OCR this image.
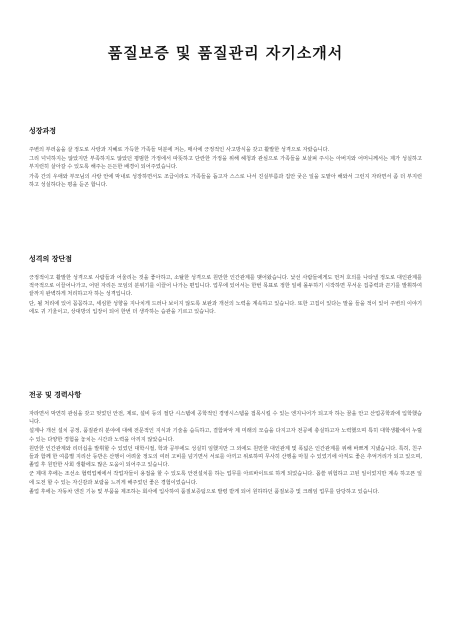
품질보증 및 품질관리 자기소개서
성장과정

주변의 부러움을 살 정도로 사랑과 지혜로 가득한 가족들 덕분에 저는, 매사에 긍정적인 사고방식을 갖고 활발한 성격으로 자랐습니다.

그리 넉넉하지는 않았지만 부족하지도 않았던 평범한 가정에서 따뜻하고 단란한 가정을 위해 헤청과 관심으로 가족들을 보살펴 주시는 아버지와 어머니께서는 제가 성실하고 부지런히 살아갈 수 있도록 해주는 든든한 배경이 되어주었습니다.

가족 간의 우애와 부모님의 사랑 안에 막내로 성장하면서도 조급이라도 가족들을 돕고자 스스로 나서 진실부름과 집안 궂은 일을 도맡아 해와서 그런지 자라면서 좀 더 부지런하고 성실하다는 평을 듣곤 합니다.

성격의 장단점

긍정적이고 활발한 성격으로 사람들과 어울리는 것을 좋아하고, 소탈한 성격으로 원만한 인간관계를 맺어왔습니다. 낯선 사람들에게도 먼저 호의를 나타낼 정도로 대인관계를 적극적으로 이끌어나가고, 어떤 자리든 모임의 분위기를 이끌어 나가는 편입니다. 업무에 있어서는 한번 목표로 정한 일에 몰두하기 시작하면 무서운 집중력과 끈기를 발휘하여 끝까지 완벽하게 처리하고자 하는 성격입니다.

단, 될 처리에 있어 꼼꼼하고, 세심한 성향을 지나치게 드러나 보이지 않도록 보완과 개선의 노력을 계속하고 있습니다. 또한 고집이 있다는 말을 들을 적이 있어 주변의 이야기에도 귀 기울이고, 상대방의 입장이 되어 한번 더 생각하는 습관을 기르고 있습니다.

전공 및 경력사항

자라면서 막연히 관심을 갖고 멋었던 안전, 제로, 설비 등의 절단 시스템에 공학적인 경영시스템을 접목시킬 수 있는 엔지니어가 되고자 하는 꿈을 안고 산업공학과에 입학했습니다.

설계나 개선 설치 공정, 품질관리 분야에 대해 전문적인 지식과 기술을 습득하고, 결함파악 제 미래의 모습을 다지고자 전공에 충실하고자 노력했으며 특히 대학생활에서 누릴 수 있는 다양한 경험을 놓치는 시간과 노력을 아끼지 않았습니다.

원만한 인간관계와 리더십을 발휘할 수 있었던 대학시절, 학과 공부에도 성실히 임했지만 그 외에도 원만한 대인관계 및 폭넓은 인간관계를 위해 바쁘게 지냈습니다. 특히, 친구들과 함께 한 여름별 지리산 등반은 산행이 어려울 정도의 여러 고비를 넘기면서 서로를 아끼고 위로하며 무사히 산행을 마칠 수 있었기에 아직도 좋은 추억거리가 되고 있으며, 졸업 후 원만한 사회 생활에도 많은 도움이 되어주고 있습니다.

군 제대 후에는 조선소 협력업체에서 작업자들이 용접을 할 수 있도록 안전설치를 하는 업무를 아르바이트로 하게 되었습니다. 몹쓸 위험하고 고된 일이었지만 계속 하고픈 일에 도전 할 수 있는 자신감과 보람을 느끼게 해주었던 좋은 경험이었습니다.

졸업 후에는 자동차 엔진 기능 및 부품을 제조하는 회사에 입사하여 품질보증팀으로 발령 받게 되어 원하하던 품질보증 및 크레임 업무를 담당하고 있습니다.
